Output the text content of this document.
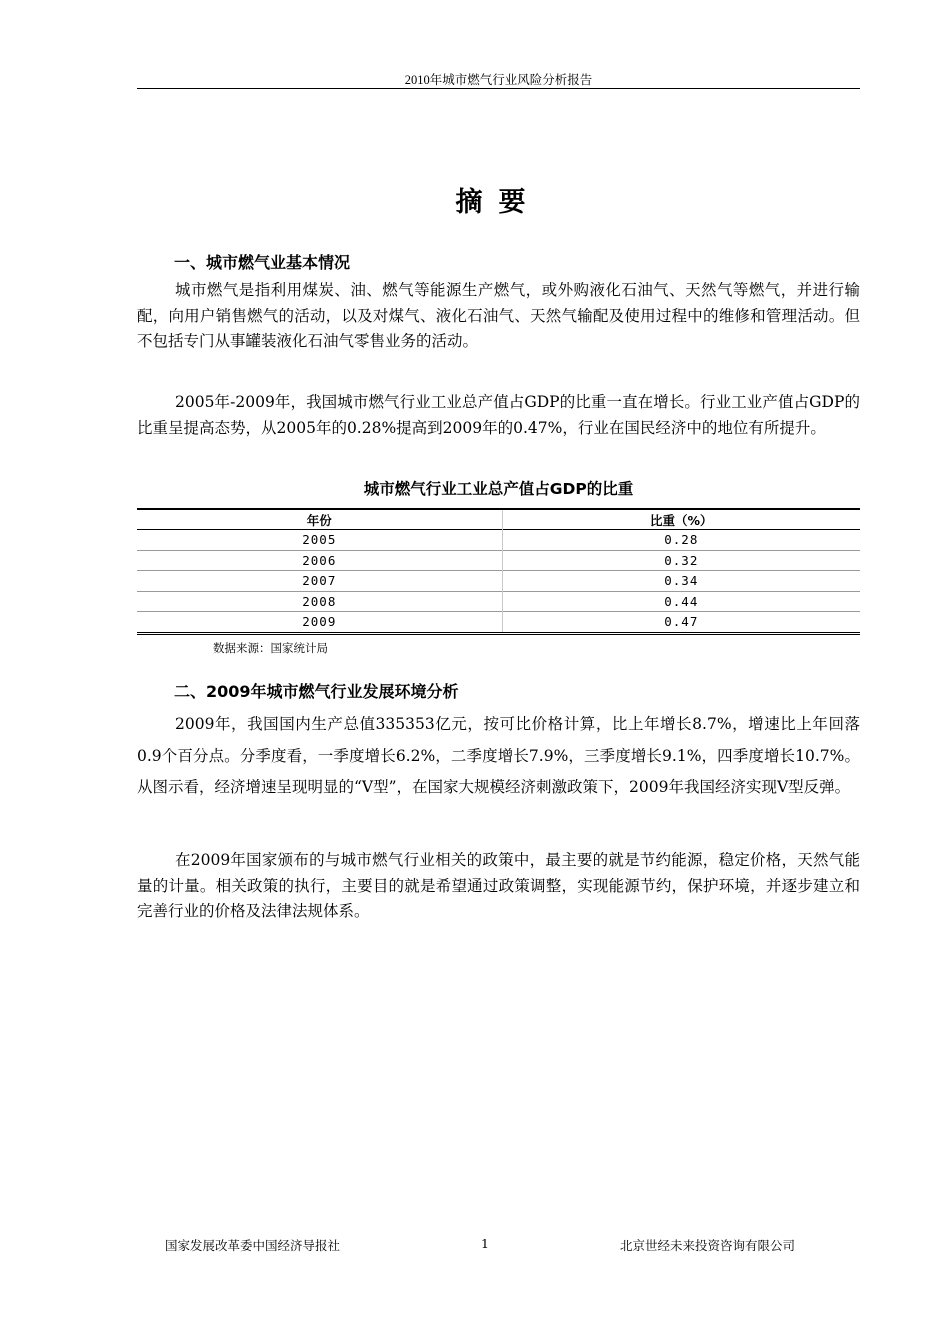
2010年城市燃气行业风险分析报告
摘要
一、城市燃气业基本情况
城市燃气是指利用煤炭、油、燃气等能源生产燃气，或外购液化石油气、天然气等燃气，并进行输配，向用户销售燃气的活动，以及对煤气、液化石油气、天然气输配及使用过程中的维修和管理活动。但不包括专门从事罐装液化石油气零售业务的活动。
2005年-2009年，我国城市燃气行业工业总产值占GDP的比重一直在增长。行业工业产值占GDP的比重呈提高态势，从2005年的0.28%提高到2009年的0.47%，行业在国民经济中的地位有所提升。
城市燃气行业工业总产值占GDP的比重
年份	比重（%）
2005	0.28
2006	0.32
2007	0.34
2008	0.44
2009	0.47
数据来源：国家统计局
二、2009年城市燃气行业发展环境分析
2009年，我国国内生产总值335353亿元，按可比价格计算，比上年增长8.7%，增速比上年回落0.9个百分点。分季度看，一季度增长6.2%，二季度增长7.9%，三季度增长9.1%，四季度增长10.7%。从图示看，经济增速呈现明显的“V型”，在国家大规模经济刺激政策下，2009年我国经济实现V型反弹。
在2009年国家颁布的与城市燃气行业相关的政策中，最主要的就是节约能源，稳定价格，天然气能量的计量。相关政策的执行，主要目的就是希望通过政策调整，实现能源节约，保护环境，并逐步建立和完善行业的价格及法律法规体系。
国家发展改革委中国经济导报社	1	北京世经未来投资咨询有限公司
